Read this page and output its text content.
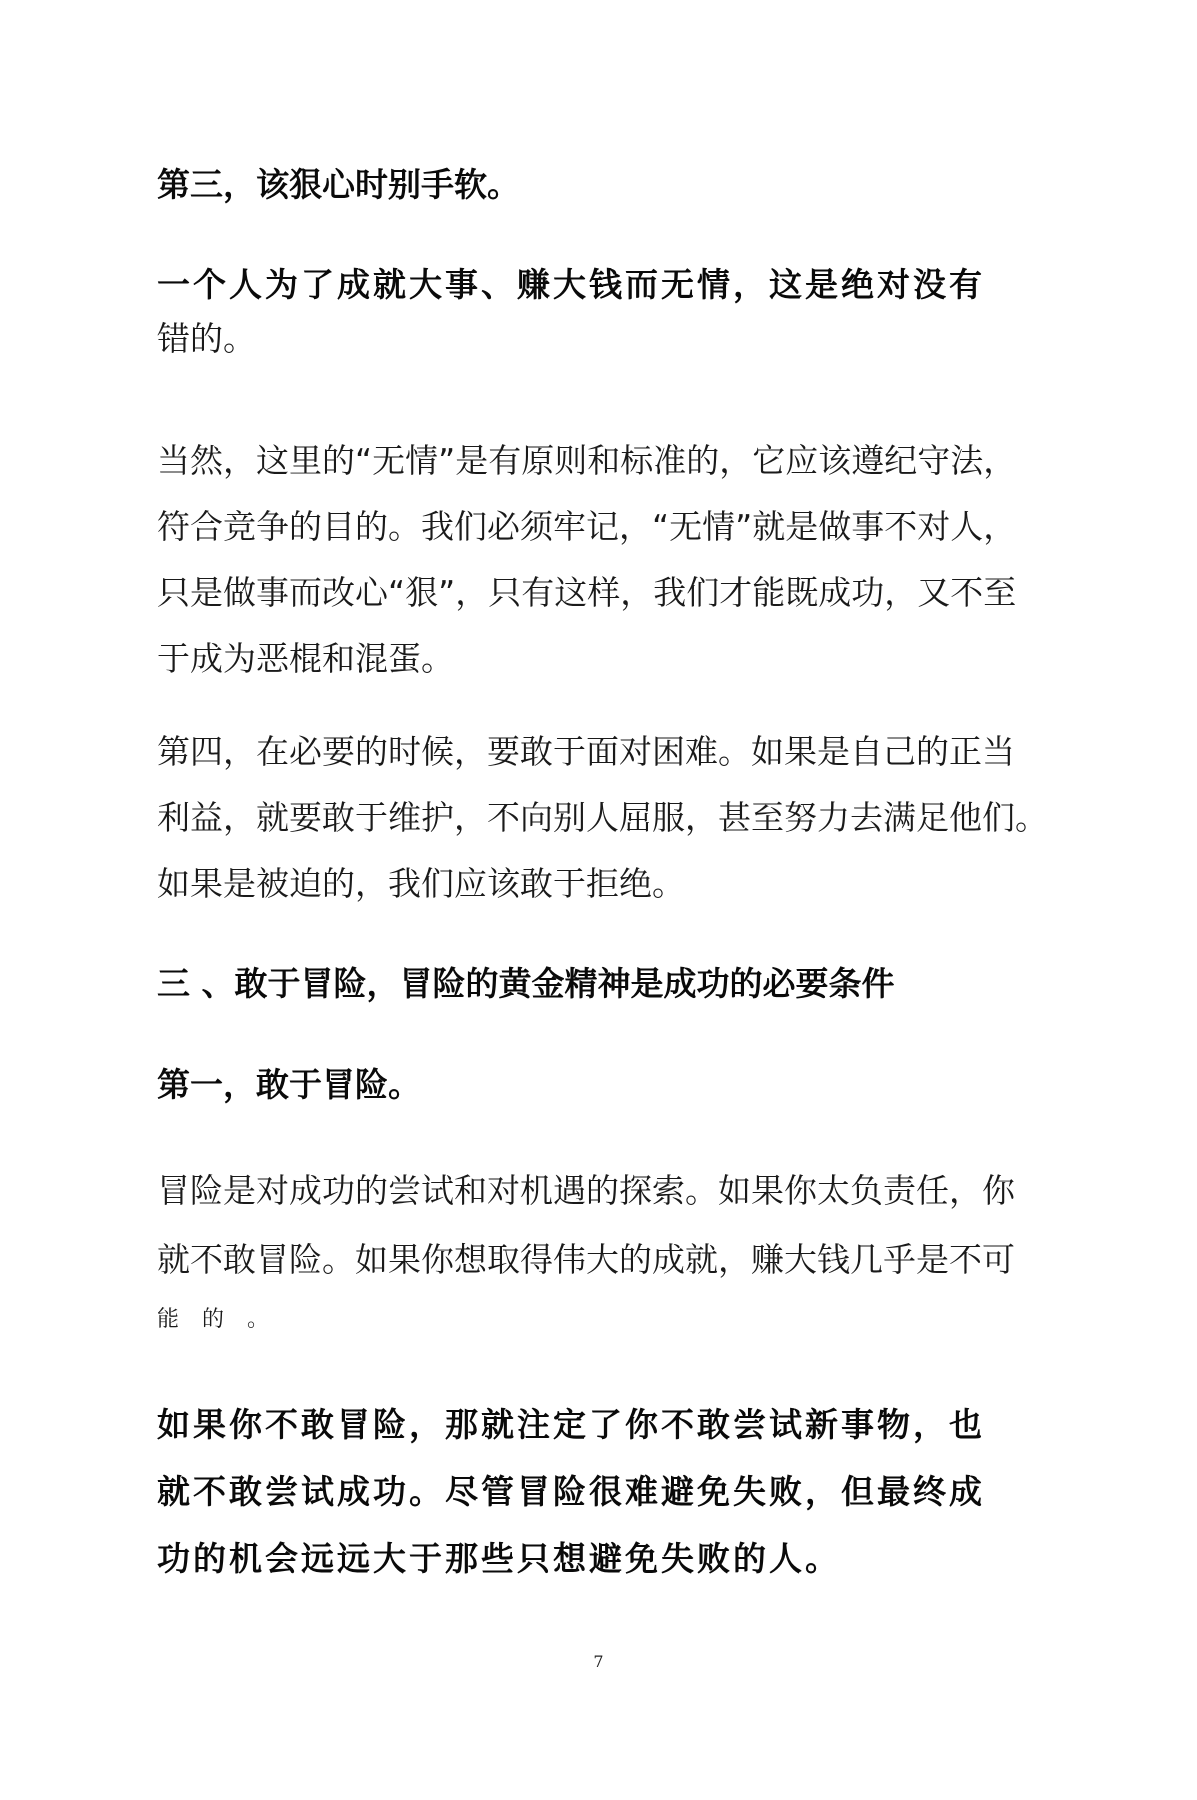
第三，该狠心时别手软。

一个人为了成就大事、赚大钱而无情，这是绝对没有

错的。

当然，这里的“无情”是有原则和标准的，它应该遵纪守法，

符合竞争的目的。我们必须牢记，“无情”就是做事不对人，

只是做事而改心“狠”，只有这样，我们才能既成功，又不至

于成为恶棍和混蛋。

第四，在必要的时候，要敢于面对困难。如果是自己的正当

利益，就要敢于维护，不向别人屈服，甚至努力去满足他们。

如果是被迫的，我们应该敢于拒绝。

三 、敢于冒险，冒险的黄金精神是成功的必要条件

第一，敢于冒险。

冒险是对成功的尝试和对机遇的探索。如果你太负责任，你

就不敢冒险。如果你想取得伟大的成就，赚大钱几乎是不可

能 的 。

如果你不敢冒险，那就注定了你不敢尝试新事物，也

就不敢尝试成功。尽管冒险很难避免失败，但最终成

功的机会远远大于那些只想避免失败的人。

7
